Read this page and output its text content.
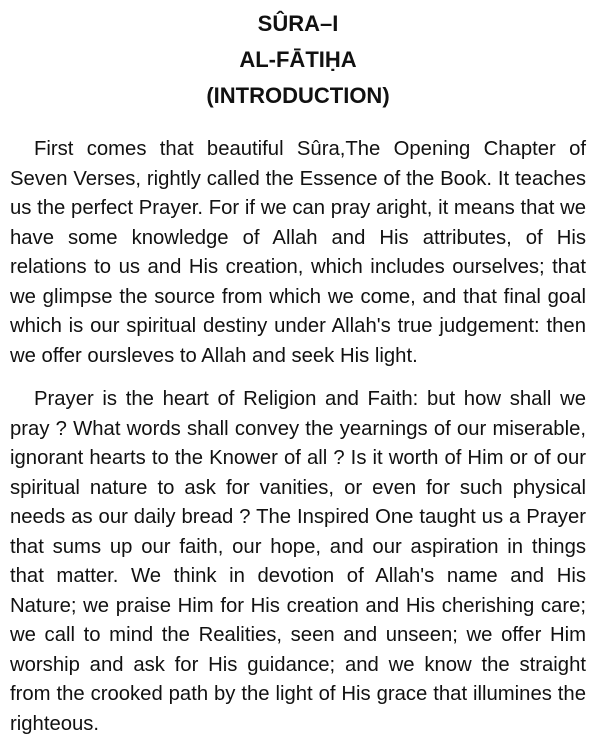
SÛRA–I
AL-FĀTIḤA
(INTRODUCTION)

First comes that beautiful Sûra,The Opening Chapter of Seven Verses, rightly called the Essence of the Book. It teaches us the perfect Prayer. For if we can pray aright, it means that we have some knowledge of Allah and His attributes, of His relations to us and His creation, which includes ourselves; that we glimpse the source from which we come, and that final goal which is our spiritual destiny under Allah's true judgement: then we offer oursleves to Allah and seek His light.

Prayer is the heart of Religion and Faith: but how shall we pray ? What words shall convey the yearnings of our miserable, ignorant hearts to the Knower of all ? Is it worth of Him or of our spiritual nature to ask for vanities, or even for such physical needs as our daily bread ? The Inspired One taught us a Prayer that sums up our faith, our hope, and our aspiration in things that matter. We think in devotion of Allah's name and His Nature; we praise Him for His creation and His cherishing care; we call to mind the Realities, seen and unseen; we offer Him worship and ask for His guidance; and we know the straight from the crooked path by the light of His grace that illumines the righteous.
